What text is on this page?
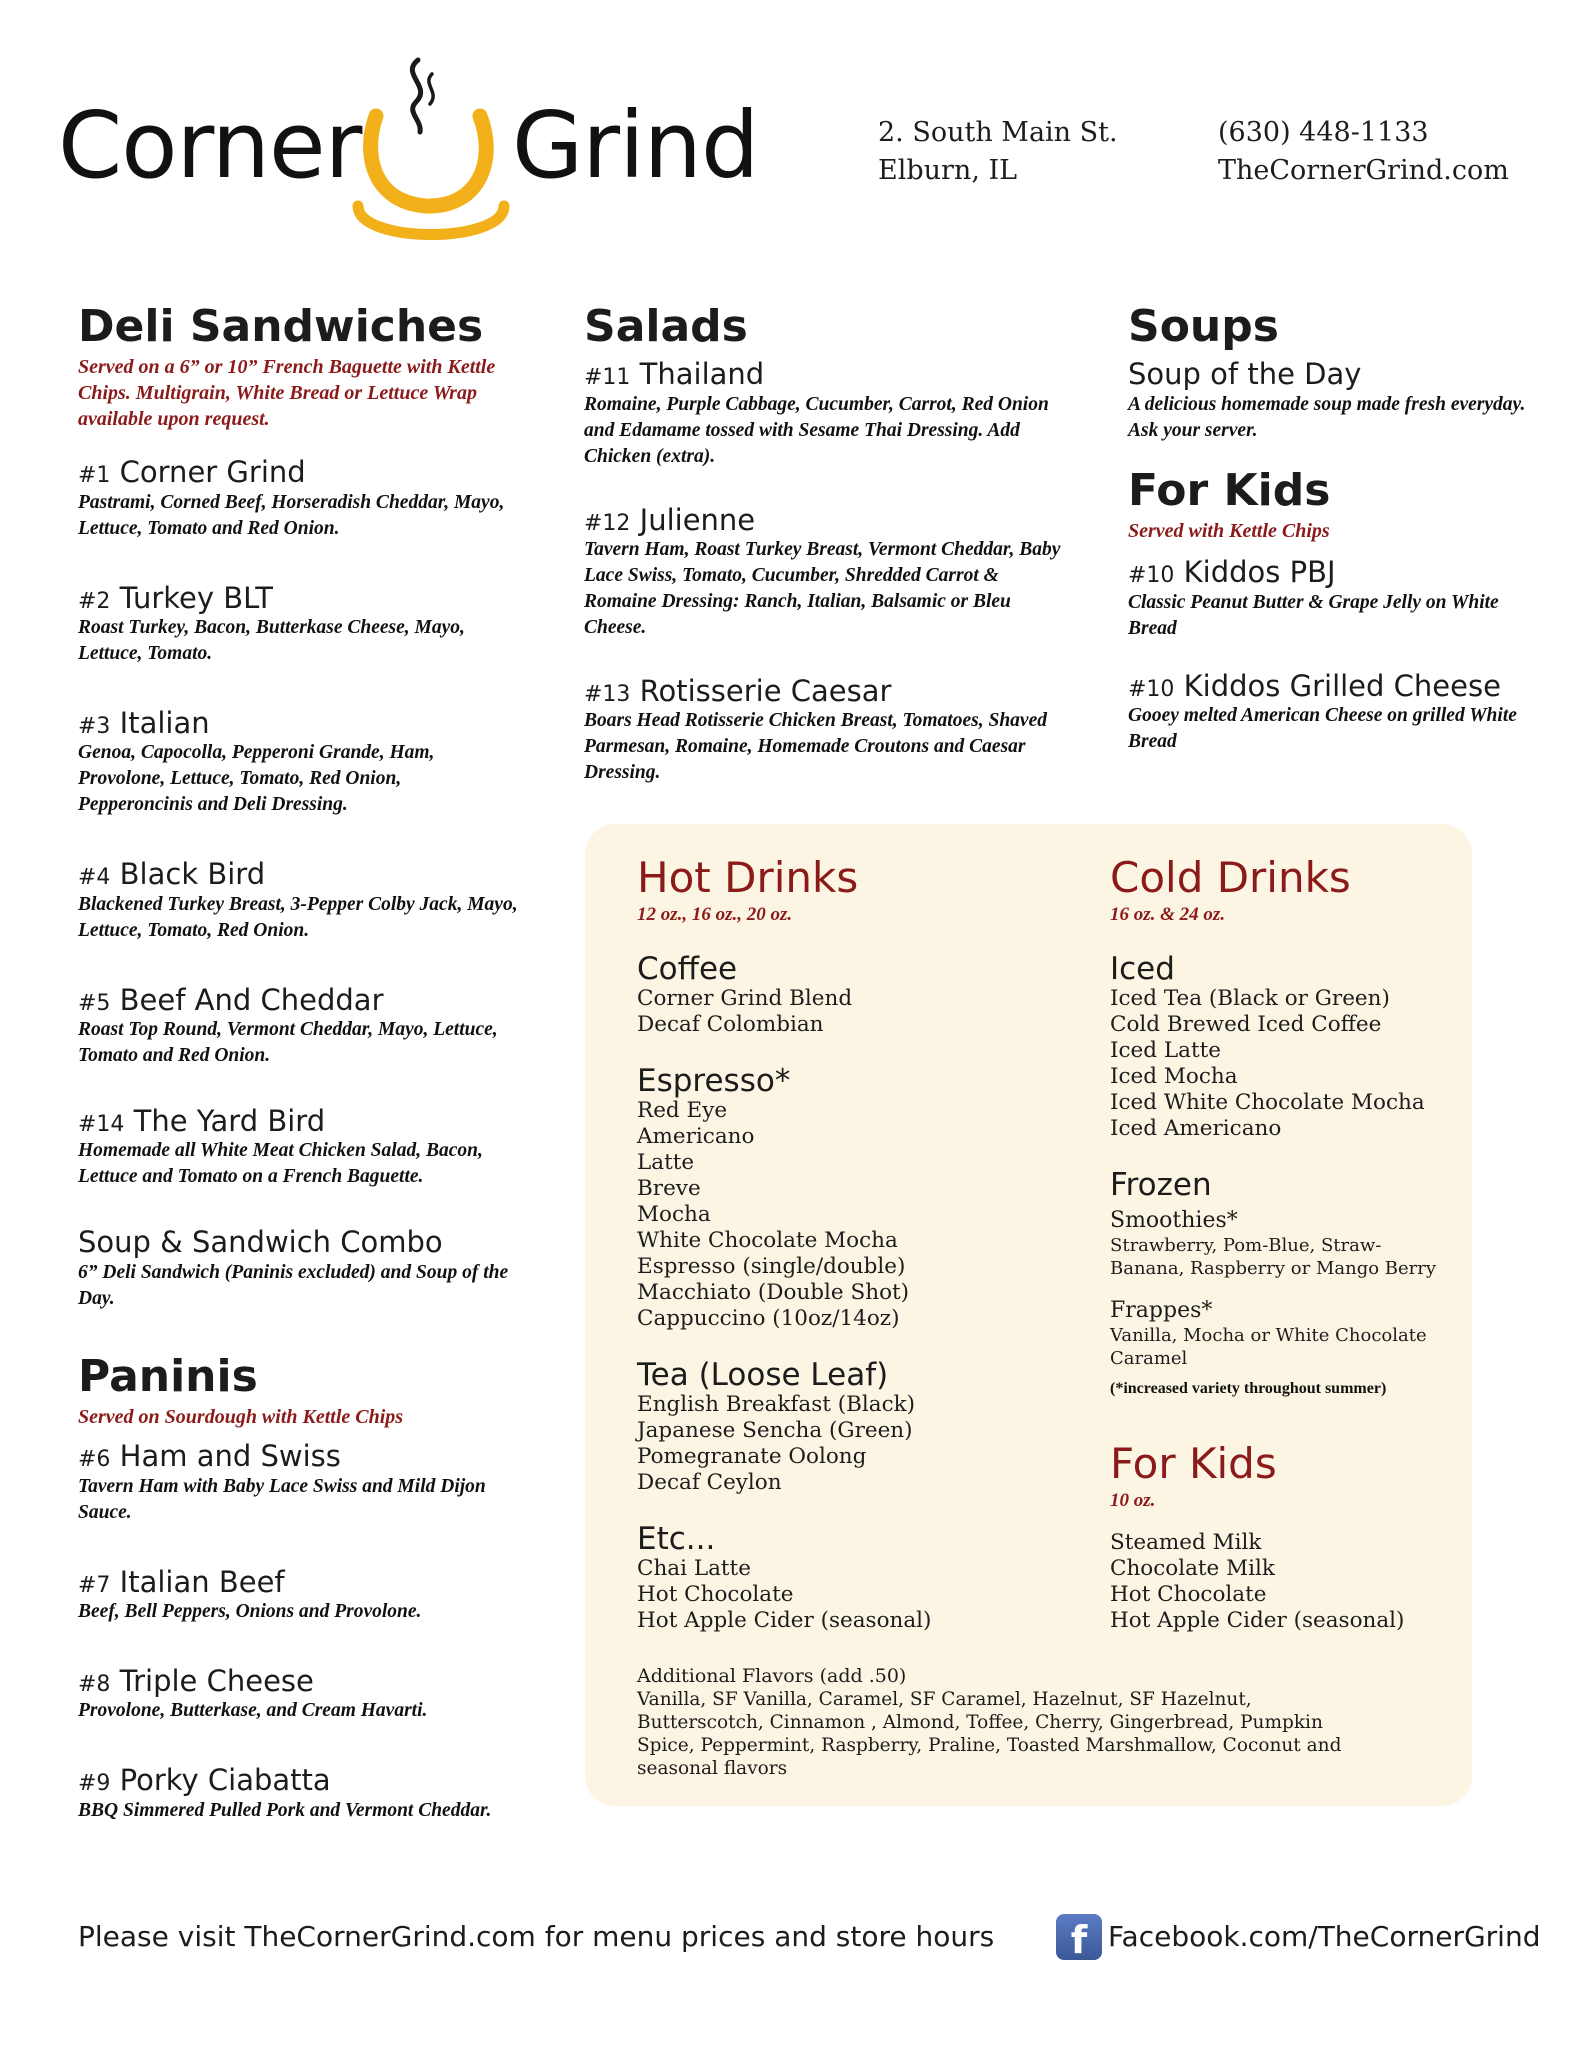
Corner Grind	2. South Main St.
Elburn, IL
(630) 448-1133
TheCornerGrind.com
Deli Sandwiches

Served on a 6” or 10” French Baguette with Kettle Chips. Multigrain, White Bread or Lettuce Wrap available upon request.

#1 Corner Grind
Pastrami, Corned Beef, Horseradish Cheddar, Mayo, Lettuce, Tomato and Red Onion.
#2 Turkey BLT
Roast Turkey, Bacon, Butterkase Cheese, Mayo, Lettuce, Tomato.
#3 Italian
Genoa, Capocolla, Pepperoni Grande, Ham, Provolone, Lettuce, Tomato, Red Onion, Pepperoncinis and Deli Dressing.
#4 Black Bird
Blackened Turkey Breast, 3-Pepper Colby Jack, Mayo, Lettuce, Tomato, Red Onion.
#5 Beef And Cheddar
Roast Top Round, Vermont Cheddar, Mayo, Lettuce, Tomato and Red Onion.
#14 The Yard Bird
Homemade all White Meat Chicken Salad, Bacon, Lettuce and Tomato on a French Baguette.
Soup & Sandwich Combo
6” Deli Sandwich (Paninis excluded) and Soup of the Day.
Paninis

Served on Sourdough with Kettle Chips

#6 Ham and Swiss
Tavern Ham with Baby Lace Swiss and Mild Dijon Sauce.
#7 Italian Beef
Beef, Bell Peppers, Onions and Provolone.
#8 Triple Cheese
Provolone, Butterkase, and Cream Havarti.
#9 Porky Ciabatta
BBQ Simmered Pulled Pork and Vermont Cheddar.
Salads
#11 Thailand
Romaine, Purple Cabbage, Cucumber, Carrot, Red Onion and Edamame tossed with Sesame Thai Dressing. Add Chicken (extra).
#12 Julienne
Tavern Ham, Roast Turkey Breast, Vermont Cheddar, Baby Lace Swiss, Tomato, Cucumber, Shredded Carrot & Romaine Dressing: Ranch, Italian, Balsamic or Bleu Cheese.
#13 Rotisserie Caesar
Boars Head Rotisserie Chicken Breast, Tomatoes, Shaved Parmesan, Romaine, Homemade Croutons and Caesar Dressing.
Soups
Soup of the Day
A delicious homemade soup made fresh everyday. Ask your server.
For Kids

Served with Kettle Chips

#10 Kiddos PBJ
Classic Peanut Butter & Grape Jelly on White Bread
#10 Kiddos Grilled Cheese
Gooey melted American Cheese on grilled White Bread
Hot Drinks
12 oz., 16 oz., 20 oz.
Coffee
Corner Grind Blend
Decaf Colombian
Espresso*
Red Eye
Americano
Latte
Breve
Mocha
White Chocolate Mocha
Espresso (single/double)
Macchiato (Double Shot)
Cappuccino (10oz/14oz)
Tea (Loose Leaf)
English Breakfast (Black)
Japanese Sencha (Green)
Pomegranate Oolong
Decaf Ceylon
Etc...
Chai Latte
Hot Chocolate
Hot Apple Cider (seasonal)
Cold Drinks
16 oz. & 24 oz.
Iced
Iced Tea (Black or Green)
Cold Brewed Iced Coffee
Iced Latte
Iced Mocha
Iced White Chocolate Mocha
Iced Americano
Frozen
Smoothies*
Strawberry, Pom-Blue, Straw-Banana, Raspberry or Mango Berry
Frappes*
Vanilla, Mocha or White Chocolate Caramel
(*increased variety throughout summer)
For Kids
10 oz.
Steamed Milk
Chocolate Milk
Hot Chocolate
Hot Apple Cider (seasonal)
Additional Flavors (add .50)
Vanilla, SF Vanilla, Caramel, SF Caramel, Hazelnut, SF Hazelnut, Butterscotch, Cinnamon , Almond, Toffee, Cherry, Gingerbread, Pumpkin Spice, Peppermint, Raspberry, Praline, Toasted Marshmallow, Coconut and seasonal flavors
Please visit TheCornerGrind.com for menu prices and store hours	f Facebook.com/TheCornerGrind
